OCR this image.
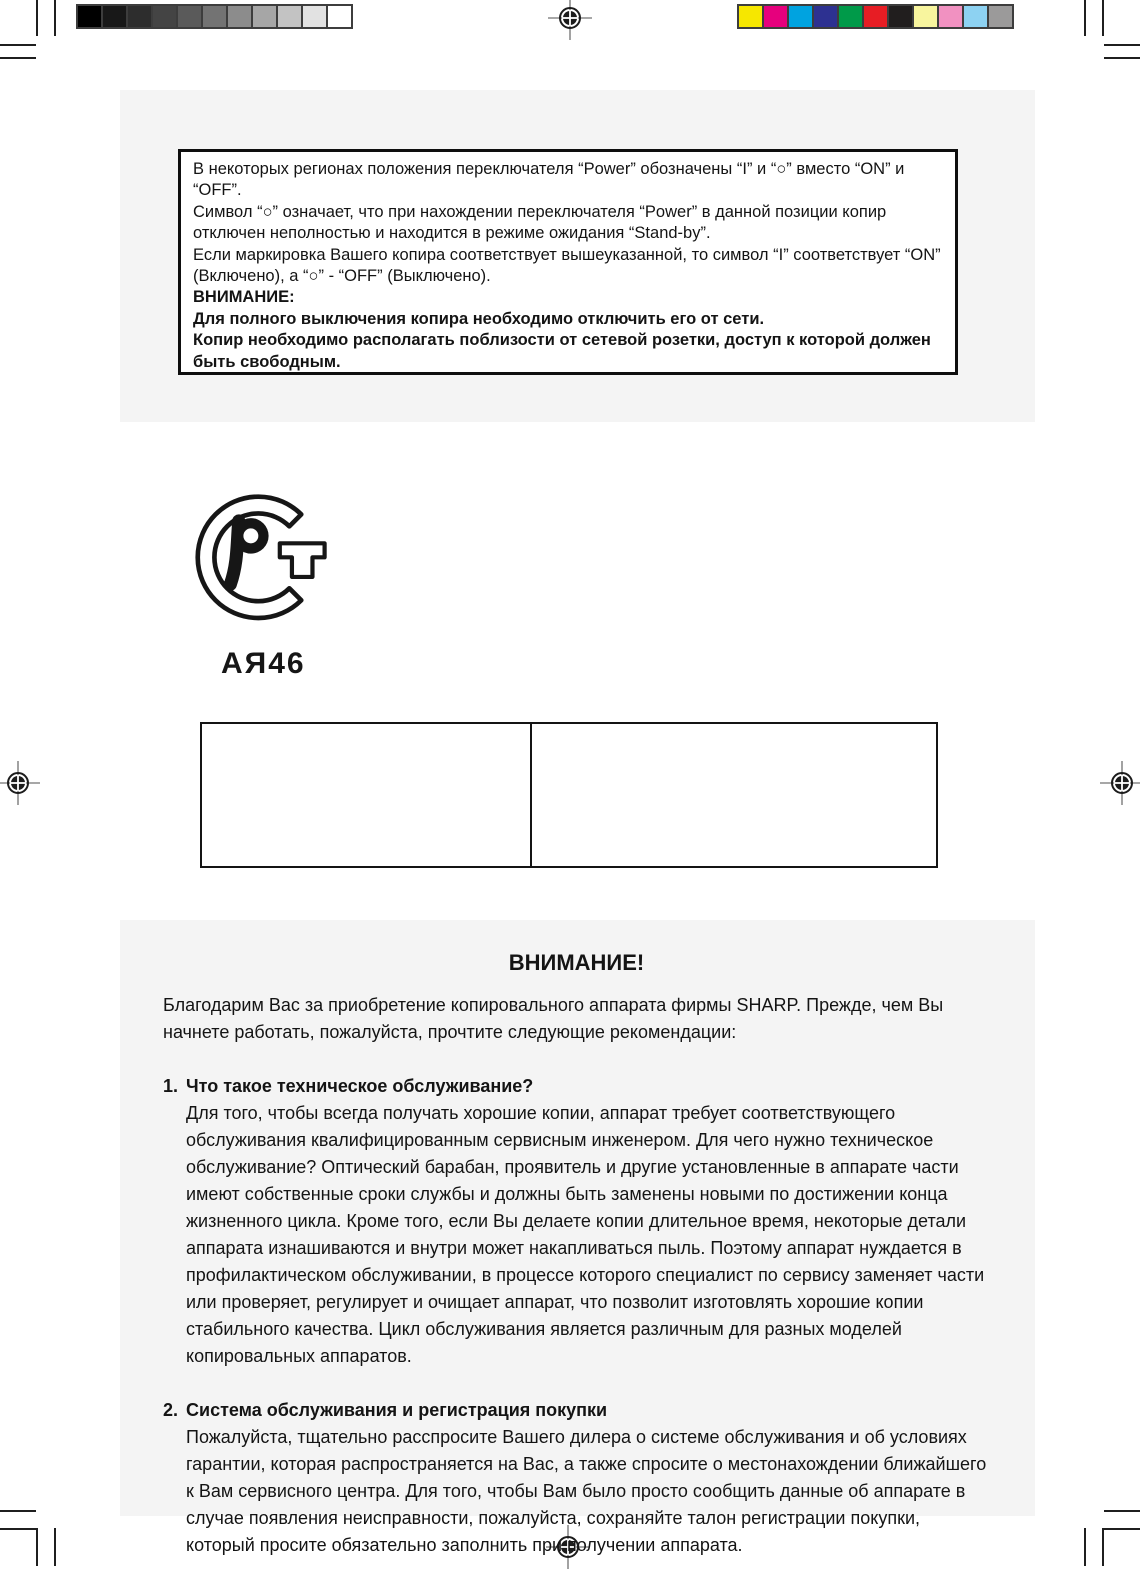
В некоторых регионах положения переключателя “Power” обозначены “I” и “○” вместо “ON” и “OFF”.

Символ “○” означает, что при нахождении переключателя “Power” в данной позиции копир отключен неполностью и находится в режиме ожидания “Stand-by”.

Если маркировка Вашего копира соответствует вышеуказанной, то символ “I” соответствует “ON” (Включено), а “○” - “OFF” (Выключено).

ВНИМАНИЕ:

Для полного выключения копира необходимо отключить его от сети.

Копир необходимо располагать поблизости от сетевой розетки, доступ к которой должен быть свободным.

АЯ46
ВНИМАНИЕ!

Благодарим Вас за приобретение копировального аппарата фирмы SHARP. Прежде, чем Вы начнете работать, пожалуйста, прочтите следующие рекомендации:

1. Что такое техническое обслуживание?

Для того, чтобы всегда получать хорошие копии, аппарат требует соответствующего обслуживания квалифицированным сервисным инженером. Для чего нужно техническое обслуживание? Оптический барабан, проявитель и другие установленные в аппарате части имеют собственные сроки службы и должны быть заменены новыми по достижении конца жизненного цикла. Кроме того, если Вы делаете копии длительное время, некоторые детали аппарата изнашиваются и внутри может накапливаться пыль. Поэтому аппарат нуждается в профилактическом обслуживании, в процессе которого специалист по сервису заменяет части или проверяет, регулирует и очищает аппарат, что позволит изготовлять хорошие копии стабильного качества. Цикл обслуживания является различным для разных моделей копировальных аппаратов.

2. Система обслуживания и регистрация покупки

Пожалуйста, тщательно расспросите Вашего дилера о системе обслуживания и об условиях гарантии, которая распространяется на Вас, а также спросите о местонахождении ближайшего к Вам сервисного центра. Для того, чтобы Вам было просто сообщить данные об аппарате в случае появления неисправности, пожалуйста, сохраняйте талон регистрации покупки, который просите обязательно заполнить при получении аппарата.
